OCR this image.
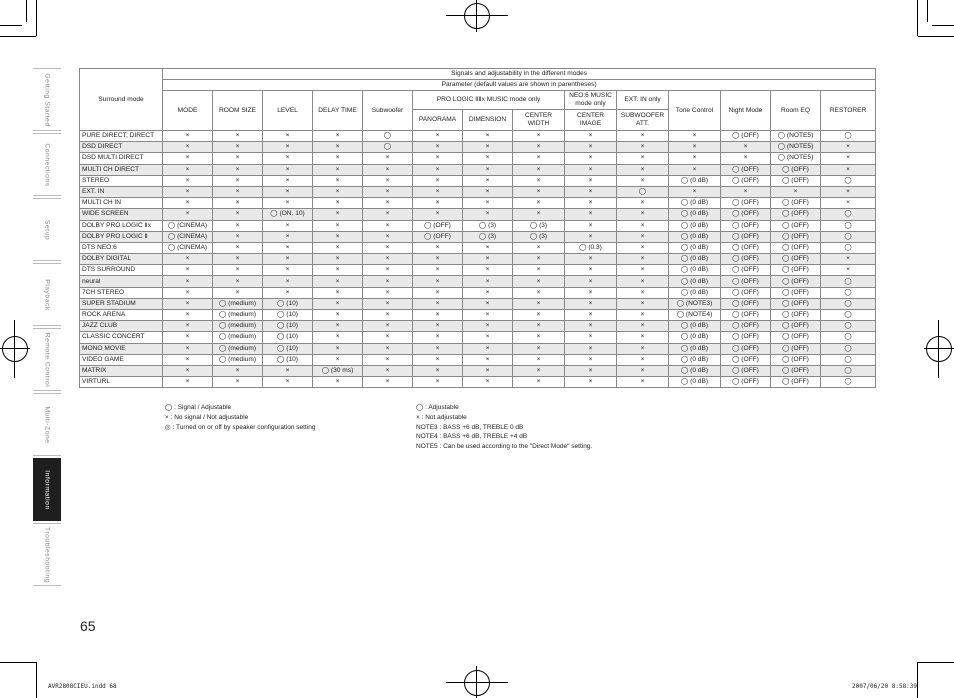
Getting Started
Connections
Setup
Playback
Remote Control
Multi-Zone
Information
Troubleshooting
Surround mode	Signals and adjustability in the different modes													
	Parameter (default values are shown in parentheses)													
	MODE	ROOM SIZE	LEVEL	DELAY TIME	Subwoofer	PRO LOGIC ⅡⅡx MUSIC mode only			NEO:6 MUSIC mode only	EXT. IN only	Tone Control	Night Mode	Room EQ	RESTORER
						PANORAMA	DIMENSION	CENTER WIDTH	CENTER IMAGE	SUBWOOFER ATT.				
PURE DIRECT, DIRECT	×	×	×	×	◯	×	×	×	×	×	×	◯ (OFF)	◯ (NOTE5)	◯
DSD DIRECT	×	×	×	×	◯	×	×	×	×	×	×	×	◯ (NOTE5)	×
DSD MULTI DIRECT	×	×	×	×	×	×	×	×	×	×	×	×	◯ (NOTE5)	×
MULTI CH DIRECT	×	×	×	×	×	×	×	×	×	×	×	◯ (OFF)	◯ (OFF)	×
STEREO	×	×	×	×	×	×	×	×	×	×	◯ (0 dB)	◯ (OFF)	◯ (OFF)	◯
EXT. IN	×	×	×	×	×	×	×	×	×	◯	×	×	×	×
MULTI CH IN	×	×	×	×	×	×	×	×	×	×	◯ (0 dB)	◯ (OFF)	◯ (OFF)	×
WIDE SCREEN	×	×	◯ (ON, 10)	×	×	×	×	×	×	×	◯ (0 dB)	◯ (OFF)	◯ (OFF)	◯
DOLBY PRO LOGIC Ⅱx	◯ (CINEMA)	×	×	×	×	◯ (OFF)	◯ (3)	◯ (3)	×	×	◯ (0 dB)	◯ (OFF)	◯ (OFF)	◯
DOLBY PRO LOGIC Ⅱ	◯ (CINEMA)	×	×	×	×	◯ (OFF)	◯ (3)	◯ (3)	×	×	◯ (0 dB)	◯ (OFF)	◯ (OFF)	◯
DTS NEO:6	◯ (CINEMA)	×	×	×	×	×	×	×	◯ (0.3)	×	◯ (0 dB)	◯ (OFF)	◯ (OFF)	◯
DOLBY DIGITAL	×	×	×	×	×	×	×	×	×	×	◯ (0 dB)	◯ (OFF)	◯ (OFF)	×
DTS SURROUND	×	×	×	×	×	×	×	×	×	×	◯ (0 dB)	◯ (OFF)	◯ (OFF)	×
neural	×	×	×	×	×	×	×	×	×	×	◯ (0 dB)	◯ (OFF)	◯ (OFF)	◯
7CH STEREO	×	×	×	×	×	×	×	×	×	×	◯ (0 dB)	◯ (OFF)	◯ (OFF)	◯
SUPER STADIUM	×	◯ (medium)	◯ (10)	×	×	×	×	×	×	×	◯ (NOTE3)	◯ (OFF)	◯ (OFF)	◯
ROCK ARENA	×	◯ (medium)	◯ (10)	×	×	×	×	×	×	×	◯ (NOTE4)	◯ (OFF)	◯ (OFF)	◯
JAZZ CLUB	×	◯ (medium)	◯ (10)	×	×	×	×	×	×	×	◯ (0 dB)	◯ (OFF)	◯ (OFF)	◯
CLASSIC CONCERT	×	◯ (medium)	◯ (10)	×	×	×	×	×	×	×	◯ (0 dB)	◯ (OFF)	◯ (OFF)	◯
MONO MOVIE	×	◯ (medium)	◯ (10)	×	×	×	×	×	×	×	◯ (0 dB)	◯ (OFF)	◯ (OFF)	◯
VIDEO GAME	×	◯ (medium)	◯ (10)	×	×	×	×	×	×	×	◯ (0 dB)	◯ (OFF)	◯ (OFF)	◯
MATRIX	×	×	×	◯ (30 ms)	×	×	×	×	×	×	◯ (0 dB)	◯ (OFF)	◯ (OFF)	◯
VIRTURL	×	×	×	×	×	×	×	×	×	×	◯ (0 dB)	◯ (OFF)	◯ (OFF)	◯
◯ : Signal / Adjustable
× : No signal / Not adjustable
◎ : Turned on or off by speaker configuration setting
◯ : Adjustable
× : Not adjustable
NOTE3 : BASS +6 dB, TREBLE 0 dB
NOTE4 : BASS +6 dB, TREBLE +4 dB
NOTE5 : Can be used according to the "Direct Mode" setting.
65
AVR2808CIEU.indd 68	2007/06/20 8:58:39
